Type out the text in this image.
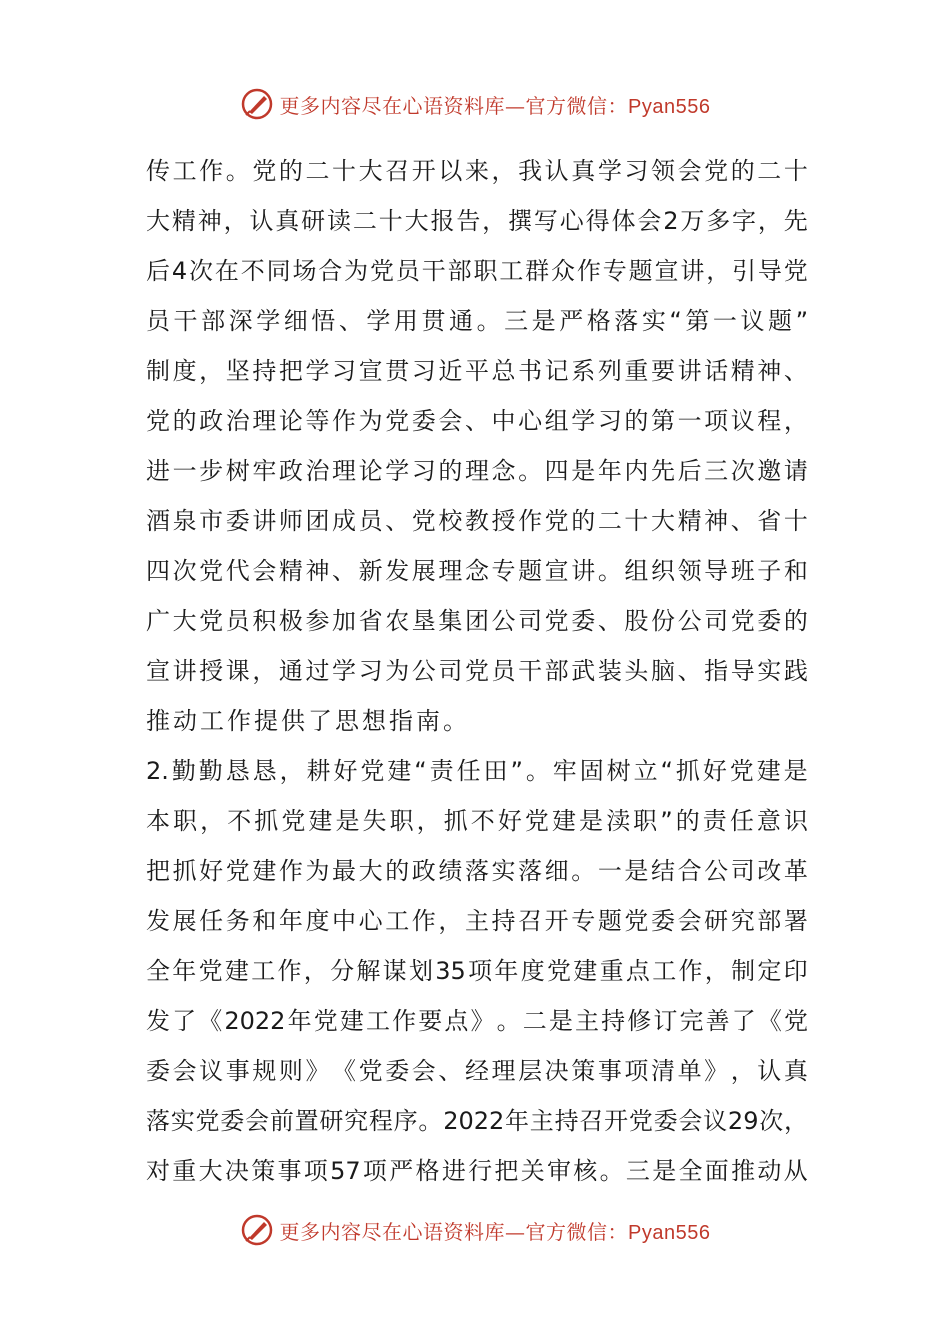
更多内容尽在心语资料库—官方微信：Pyan556
传 工 作 。 党 的 二 十 大 召 开 以 来 ， 我 认 真 学 习 领 会 党 的 二 十
大 精 神 ， 认 真 研 读 二 十 大 报 告 ， 撰 写 心 得 体 会 2 万 多 字 ， 先
后 4 次 在 不 同 场 合 为 党 员 干 部 职 工 群 众 作 专 题 宣 讲 ， 引 导 党
员 干 部 深 学 细 悟 、 学 用 贯 通 。 三 是 严 格 落 实 “ 第 一 议 题 ”
制 度 ， 坚 持 把 学 习 宣 贯 习 近 平 总 书 记 系 列 重 要 讲 话 精 神 、
党 的 政 治 理 论 等 作 为 党 委 会 、 中 心 组 学 习 的 第 一 项 议 程 ，
进 一 步 树 牢 政 治 理 论 学 习 的 理 念 。 四 是 年 内 先 后 三 次 邀 请
酒 泉 市 委 讲 师 团 成 员 、 党 校 教 授 作 党 的 二 十 大 精 神 、 省 十
四 次 党 代 会 精 神 、 新 发 展 理 念 专 题 宣 讲 。 组 织 领 导 班 子 和
广 大 党 员 积 极 参 加 省 农 垦 集 团 公 司 党 委 、 股 份 公 司 党 委 的
宣 讲 授 课 ， 通 过 学 习 为 公 司 党 员 干 部 武 装 头 脑 、 指 导 实 践
推动工作提供了思想指南。
2. 勤 勤 恳 恳 ， 耕 好 党 建 “ 责 任 田 ” 。 牢 固 树 立 “ 抓 好 党 建 是
本 职 ， 不 抓 党 建 是 失 职 ， 抓 不 好 党 建 是 渎 职 ” 的 责 任 意 识
把 抓 好 党 建 作 为 最 大 的 政 绩 落 实 落 细 。 一 是 结 合 公 司 改 革
发 展 任 务 和 年 度 中 心 工 作 ， 主 持 召 开 专 题 党 委 会 研 究 部 署
全 年 党 建 工 作 ， 分 解 谋 划 35 项 年 度 党 建 重 点 工 作 ， 制 定 印
发 了 《 2022 年 党 建 工 作 要 点 》 。 二 是 主 持 修 订 完 善 了 《 党
委 会 议 事 规 则 》 《 党 委 会 、 经 理 层 决 策 事 项 清 单 》 ， 认 真
落 实 党 委 会 前 置 研 究 程 序 。 2022 年 主 持 召 开 党 委 会 议 29 次 ，
对 重 大 决 策 事 项 57 项 严 格 进 行 把 关 审 核 。 三 是 全 面 推 动 从
更多内容尽在心语资料库—官方微信：Pyan556
